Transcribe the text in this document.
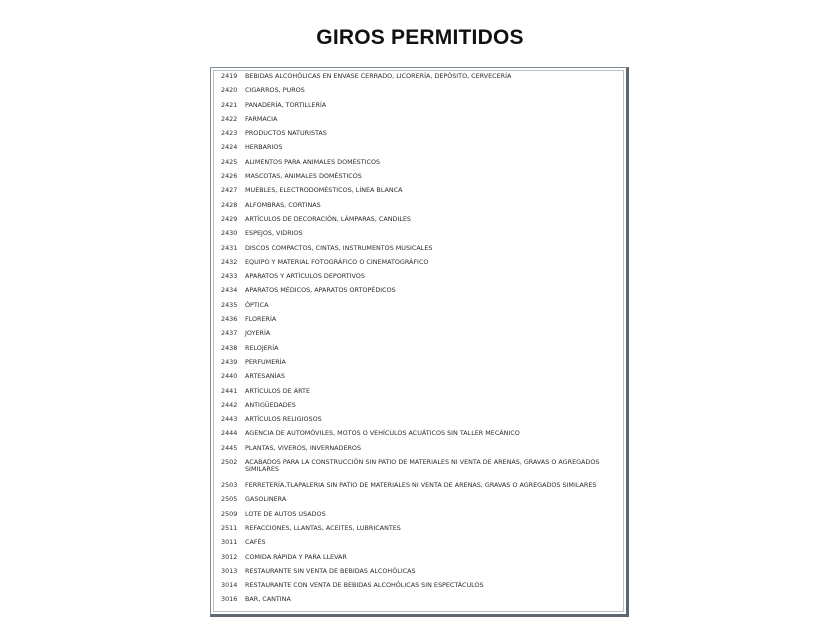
GIROS PERMITIDOS
2419	BEBIDAS ALCOHÓLICAS EN ENVASE CERRADO, LICORERÍA, DEPÓSITO, CERVECERÍA
2420	CIGARROS, PUROS
2421	PANADERÍA, TORTILLERÍA
2422	FARMACIA
2423	PRODUCTOS NATURISTAS
2424	HERBARIOS
2425	ALIMENTOS PARA ANIMALES DOMÉSTICOS
2426	MASCOTAS, ANIMALES DOMÉSTICOS
2427	MUEBLES, ELECTRODOMÉSTICOS, LÍNEA BLANCA
2428	ALFOMBRAS, CORTINAS
2429	ARTÍCULOS DE DECORACIÓN, LÁMPARAS, CANDILES
2430	ESPEJOS, VIDRIOS
2431	DISCOS COMPACTOS, CINTAS, INSTRUMENTOS MUSICALES
2432	EQUIPO Y MATERIAL FOTOGRÁFICO O CINEMATOGRÁFICO
2433	APARATOS Y ARTÍCULOS DEPORTIVOS
2434	APARATOS MÉDICOS, APARATOS ORTOPÉDICOS
2435	ÓPTICA
2436	FLORERÍA
2437	JOYERÍA
2438	RELOJERÍA
2439	PERFUMERÍA
2440	ARTESANÍAS
2441	ARTÍCULOS DE ARTE
2442	ANTIGÜEDADES
2443	ARTÍCULOS RELIGIOSOS
2444	AGENCIA DE AUTOMÓVILES, MOTOS O VEHÍCULOS ACUÁTICOS SIN TALLER MECÁNICO
2445	PLANTAS, VIVEROS, INVERNADEROS
2502	ACABADOS PARA LA CONSTRUCCIÓN SIN PATIO DE MATERIALES NI VENTA DE ARENAS, GRAVAS O AGREGADOS SIMILARES
2503	FERRETERÍA,TLAPALERIA SIN PATIO DE MATERIALES NI VENTA DE ARENAS, GRAVAS O AGREGADOS SIMILARES
2505	GASOLINERA
2509	LOTE DE AUTOS USADOS
2511	REFACCIONES, LLANTAS, ACEITES, LUBRICANTES
3011	CAFÉS
3012	COMIDA RÁPIDA Y PARA LLEVAR
3013	RESTAURANTE SIN VENTA DE BEBIDAS ALCOHÓLICAS
3014	RESTAURANTE CON VENTA DE BEBIDAS ALCOHÓLICAS SIN ESPECTÁCULOS
3016	BAR, CANTINA
